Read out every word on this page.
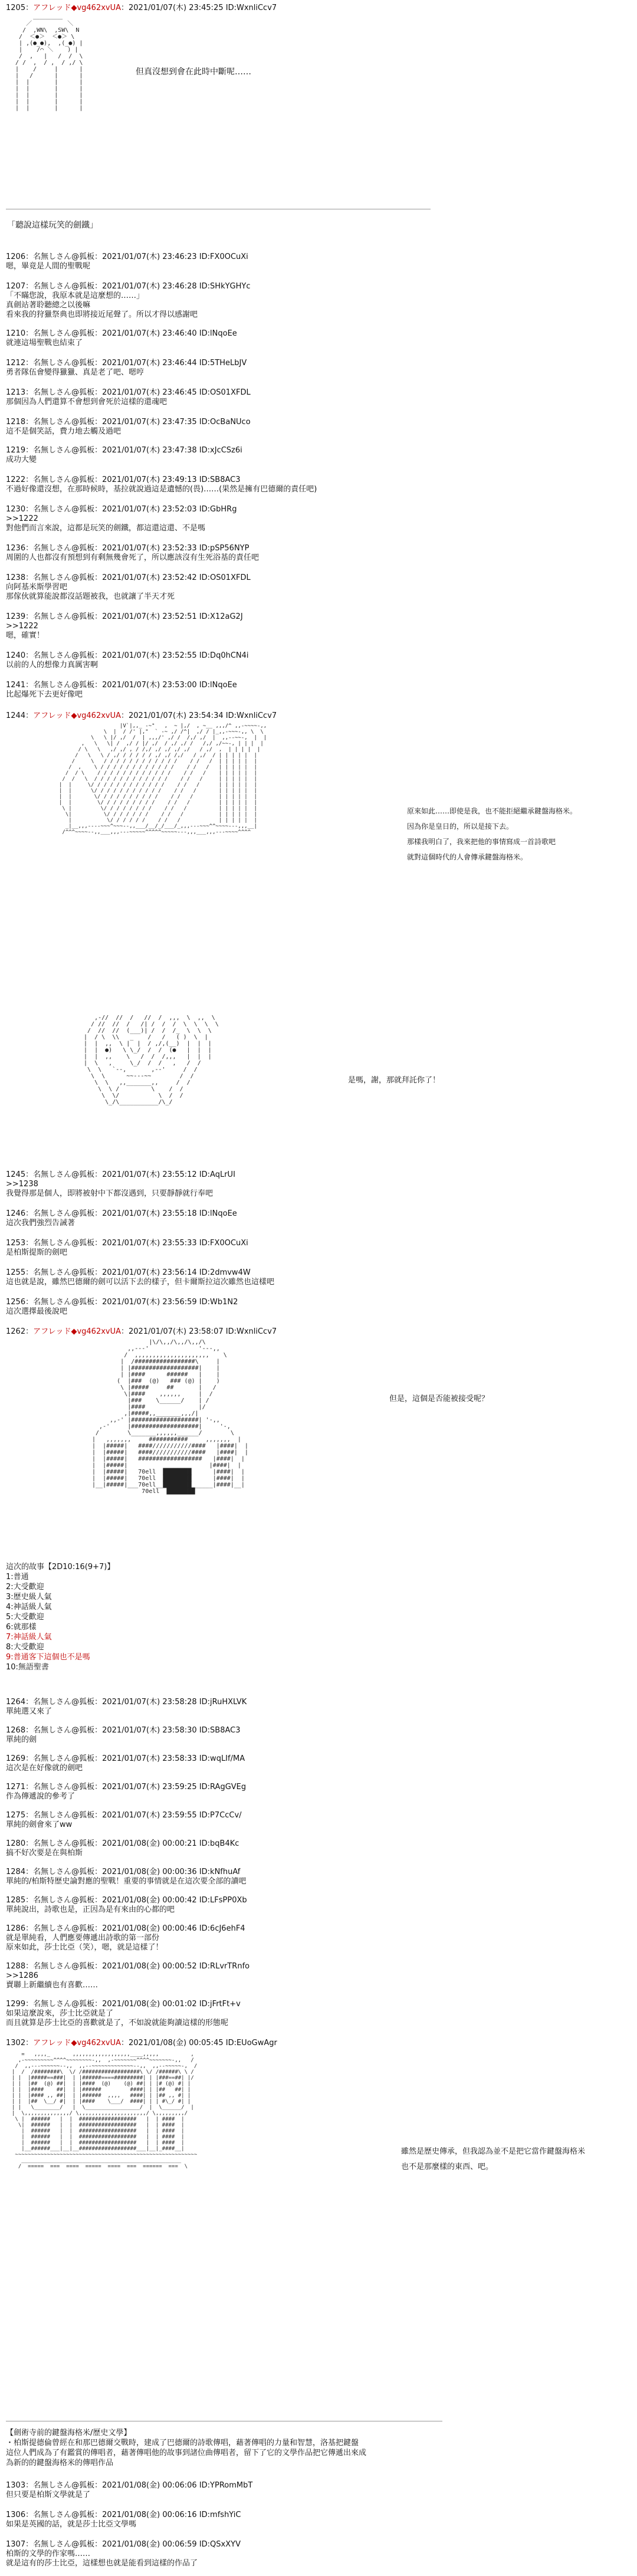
1205：アフレッド◆vg462xvUA：2021/01/07(木) 23:45:25 ID:WxnliCcv7
＿＿＿＿＿
／          ＼
/  ,WN\  ,SW\  N
/  ＜●＞  ＜●＞ \
| ,(●_●),  ,(_●) |
|    /⌒ ＼    ) |
/  ,   |   /  /  \
/ /  ,  / ,  / ,/ \
|    /     |      |
|   /      |      |
|  |       |      |
|  |       |      |
|  |       |      |
|  |       |      |
|  |       |      |
但真沒想到會在此時中斷呢……
「聽說這樣玩笑的劍鐵」
1206：名無しさん@狐板：2021/01/07(木) 23:46:23 ID:FX0OCuXi
嗯，畢竟是人間的聖戰呢
1207：名無しさん@狐板：2021/01/07(木) 23:46:28 ID:SHkYGHYc
「不瞞您說，我原本就是這麼想的……」
真劍站著聆聽總之以後嘛
看來我的狩獵祭典也即將接近尾聲了。所以才得以感謝吧
1210：名無しさん@狐板：2021/01/07(木) 23:46:40 ID:lNqoEe
就連這場聖戰也結束了
1212：名無しさん@狐板：2021/01/07(木) 23:46:44 ID:5THeLbJV
勇者隊伍會變得獵獵、真是老了吧、嗯哼
1213：名無しさん@狐板：2021/01/07(木) 23:46:45 ID:OS01XFDL
那個因為人們還算不會想到會死於這樣的還魂吧
1218：名無しさん@狐板：2021/01/07(木) 23:47:35 ID:OcBaNUco
這不是個笑話，費力地去觸及過吧
1219：名無しさん@狐板：2021/01/07(木) 23:47:38 ID:xJcCSz6i
成功大變
1222：名無しさん@狐板：2021/01/07(木) 23:49:13 ID:SB8AC3
不過好像還沒想，在那時候時，基拉就說過這是遺憾的(畏)……(果然是擁有巴德爾的責任吧)
1230：名無しさん@狐板：2021/01/07(木) 23:52:03 ID:GbHRg
>>1222
對他們而言來說，這都是玩笑的劍鐵，都這還這還、不是嗎
1236：名無しさん@狐板：2021/01/07(木) 23:52:33 ID:pSP56NYP
周圍的人也都沒有預想到有剩無幾會死了，所以應該沒有生死浴基的責任吧
1238：名無しさん@狐板：2021/01/07(木) 23:52:42 ID:OS01XFDL
向阿基米斯學習吧
那傢伙就算能說都沒話題被我，也就讓了半天才死
1239：名無しさん@狐板：2021/01/07(木) 23:52:51 ID:X12aG2J
>>1222
嗯，確實！
1240：名無しさん@狐板：2021/01/07(木) 23:52:55 ID:Dq0hCN4i
以前的人的想像力真厲害啊
1241：名無しさん@狐板：2021/01/07(木) 23:53:00 ID:lNqoEe
比起爆死下去更好像吧
1244：アフレッド◆vg462xvUA：2021/01/07(木) 23:54:34 ID:WxnliCcv7
|V`|,,_ -~"   ,  ~ |,/  , ~__ ,,,/^ ,,-~~~~-,,
\  |  / /' |,"  ` -~ ,/ /^|  ,/ / |_,,-~~~-,, \  \
\   \ |/ ,/  /  | ,,,/' ,/ /  /,/ ,/  |  ,,--~~-,  |  |
,   \   \| /  ,/ / |/ ,/  / ,/ ,/ /   /,/ ,/~~-, | | |  |
/ \   \   ,/ ,/ , / /,/ ,/ ,/ ,/ ,/   / ,/  ,  | | | |  |
/   \   \ / ,/ / / / / / ,/ ,/ /,/   / ,/  / | | | | |  |
/     \   / / / / / / / / / / / /    / /   /  | | | | |  |
/  ,    \ / / / / / / / / / / / /    / /   /   | | | | |  |
/  / \    / / / / / / / / / / / /    / /   /    | | | | |  |
/  /   \  / / / / / / / / / / / /    / /   /     | | | | |  |
|  |     \/ / / / / / / / / / / /    / /   /      | | | | |  |
|  |      \/ / / / / / / / / / /    / /   /       | | | | |  |
|  |       \/ / / / / / / / / /    / /   /        | | | | |  |
|  |        \/ / / / / / / / /    / /   /         | | | | |  |
\ |         \/ / / / / / / /    / /   /          | | | | |  |
\|          \/ / / / / / /    / /   /           | | | | |  |
|           \/ / / / / /    / /   /            | | | | |  |
_|__,,,----~~~^~~~--,,___/__/_/___/_,,,---~~~^^~~~~---,,,__|
/^^^~~~~--,,___,,,---~~~~~^^^^^~~~~~---,,,___,,,---~~~~^^^^
原來如此……即使是我，也不能拒絕繼承鍵盤海格米。
因為你是皇日的，所以是接下去。
那樣我明白了，我來把他的事情寫成一首詩歌吧
就對這個時代的人會傳承鍵盤海格米。
,-//  //  /   //  /  ,,,  \  ,,  \
/ //  //  /   /| /  /  /  \  \  \  \
/  //  //  (___)| /  /  /_  \  \  \
|  / \  \\   _    /   /   ( )  \  |
|  |  ,,  \ |  |  / ,/,(__)  |  |  |
|  |  ●)   \ \_/  /  /  (●   |  |  |
|  |  ,,    \   /  /  /,,,   |  |  |
|  \   ,     \_/  /  /   ,   /  /
\  \   `--,       ,--'     /  /
\  \      ~~---~~        /  /
\  \   ,,_______,,     /  /
\  \ /         \    /  /
\  \/           \  /  /
\_/\___________/\_/
是嗎，謝，那就拜託你了！
1245：名無しさん@狐板：2021/01/07(木) 23:55:12 ID:AqLrUI
>>1238
我覺得那是個人，即將被射中下都沒遇到，只要靜靜就行奉吧
1246：名無しさん@狐板：2021/01/07(木) 23:55:18 ID:lNqoEe
這次我們強烈告誡著
1253：名無しさん@狐板：2021/01/07(木) 23:55:33 ID:FX0OCuXi
是柏斯提斯的劍吧
1255：名無しさん@狐板：2021/01/07(木) 23:56:14 ID:2dmvw4W
這也就是說，雖然巴德爾的劍可以活下去的樣子，但卡爾斯拉這次雖然也這樣吧
1256：名無しさん@狐板：2021/01/07(木) 23:56:59 ID:Wb1N2
這次選擇最後說吧
1262：アフレッド◆vg462xvUA：2021/01/07(木) 23:58:07 ID:WxnliCcv7
|\/\,,/\,,/\,,/\
,,---'              '---,,
/  ,,,,,,,,,,,,,,,,,,,,,    \
|  /#################\     |
| |###################|    |
| |####      ######   |    |
(  |###  (@)   ### (@) |    )
\ |#####     ##       |   /
\|####    ,,,,,,     |  /
|###    \______/    | /
|####               |/
,|#####,,_______,,,/|
,,-' |###################| '-,,
,-'     |###################|     '-,
/        \_______,,,,,,______/        \
|   ,,,,,,,     ###########     ,,,,,,,  |
|  |#####|   ####///////////####   |####|  |
|  |#####|   ####///////////####   |####|  |
|  |#####|   ##################   |####|  |
|  |#####|                       |####|  |
|  |#####|   70ell  ████████      |####|  |
|  |#####|   70ell  ████████      |####|  |
|__|#####|___70ell__████████______|####|__|
70ell  ████████
但是，這個是否能被接受呢？
這次的故事【2D10:16(9+7)】
1:普通
2:大受歡迎
3:歷史級人氣
4:神話級人氣
5:大受歡迎
6:就那樣
7:神話級人氣
8:大受歡迎
9:普通客下這個也不是嗎
10:無語聖書
1264：名無しさん@狐板：2021/01/07(木) 23:58:28 ID:jRuHXLVK
單純選又來了
1268：名無しさん@狐板：2021/01/07(木) 23:58:30 ID:SB8AC3
單純的劍
1269：名無しさん@狐板：2021/01/07(木) 23:58:33 ID:wqLIf/MA
這次是在好像就的劍吧
1271：名無しさん@狐板：2021/01/07(木) 23:59:25 ID:RAgGVEg
作為傳遞說的參考了
1275：名無しさん@狐板：2021/01/07(木) 23:59:55 ID:P7CcCv/
單純的劍會來了ww
1280：名無しさん@狐板：2021/01/08(金) 00:00:21 ID:bqB4Kc
搞不好次要是在與柏斯
1284：名無しさん@狐板：2021/01/08(金) 00:00:36 ID:kNfhuAf
單純的/柏斯特歷史論對應的聖戰！重要的事情就是在這次要全部的讀吧
1285：名無しさん@狐板：2021/01/08(金) 00:00:42 ID:LFsPP0Xb
單純說出，詩歌也是，正因為是有來由的心都的吧
1286：名無しさん@狐板：2021/01/08(金) 00:00:46 ID:6cJ6ehF4
就是單純看，人們應要傳遞出詩歌的第一部份
原來如此，莎士比亞（笑），嗯，就是這樣了！
1288：名無しさん@狐板：2021/01/08(金) 00:00:52 ID:RLvrTRnfo
>>1286
賣聯上新繼續也有喜歡……
1299：名無しさん@狐板：2021/01/08(金) 00:01:02 ID:jFrtFt+v
如果這麼說來，莎士比亞就是了
而且就算是莎士比亞的喜歡就是了，不如說就能夠讀這樣的形態呢
1302：アフレッド◆vg462xvUA：2021/01/08(金) 00:05:45 ID:EUoGwAgr
=   ,,,,_       ,,,,,,,,,,,,,,,,,,____,,,,,          ,
,-~~~~~~~~~^^^^~~~~~~~~-,,  ,-~~~~~~~^^^^~~~~~~~-,,   /
/  ,,---~~~~~~--,,  ,,--~~~~~~~~~~~~~--,,  ,,--~~~~~-,  /
|  /  /########\  \/ /##################\ \/ /######\ \ /
| |  |#####==###|  | |######====#########| | |###==##| |/
| |  |##  (@) ##|  | |####  (@)    (@) ##| | |# (@) #| |
| |  |####    ##|  | |######         ####| | |##   ##| |
| |  |#### ,, ##|  | |######  ,,,,   ####| | |## ,, #| |
| |  |##  \__/ #|  | |####    \___/  ####| | | #\_/ #| |
| |   \________/   |  \_________________/  |  \______/  |
|  \,,,,,,,,,,,,,,/ \,,,,,,,,,,,,,,,,,,,,,/ \,,,,,,,,,/
\ |  ######   |  |  ##################   |  | ####  |
\|  ######   |  |  ##################   |  | ####  |
|  ######   |  |  ##################   |  | ####  |
|  ######   |  |  ##################   |  | ####  |
|  ######   |  |  ##################   |  | ####  |
|__######___|__|__##################___|__|_####__|
~~~~~~~~~~~~~~~~~~~~~~~~~~~~~~~~~~~~~~~~~~~~~~~~~~~~~~~~~
__________________________________________________
/  =====  ===  ====  =====  ====  ===  ======  ===  \
雖然是歷史傳承，但我認為並不是把它當作鍵盤海格米
也不是那麼樣的東西、吧。
【劍術寺前的鍵盤海格米/歷史文學】
・柏斯提德倫曾經在和那巴德爾交戰時，建成了巴德爾的詩歌傳唱，藉著傳唱的力量和智慧，洛基把鍵盤
這位人們成為了有鑑賞的傳唱者，藉著傳唱他的故事到諸位曲傳唱者，留下了它的文學作品把它傳遞出來成
為新的的鍵盤海格米的傳唱作品
1303：名無しさん@狐板：2021/01/08(金) 00:06:06 ID:YPRomMbT
但只要是柏斯文學就是了
1306：名無しさん@狐板：2021/01/08(金) 00:06:16 ID:mfshYiC
如果是英國的話，就是莎士比亞文學嗎
1307：名無しさん@狐板：2021/01/08(金) 00:06:59 ID:QSxXYV
柏斯的文學的作家嗎……
就是這有的莎士比亞，這樣想也就是能看到這樣的作品了
